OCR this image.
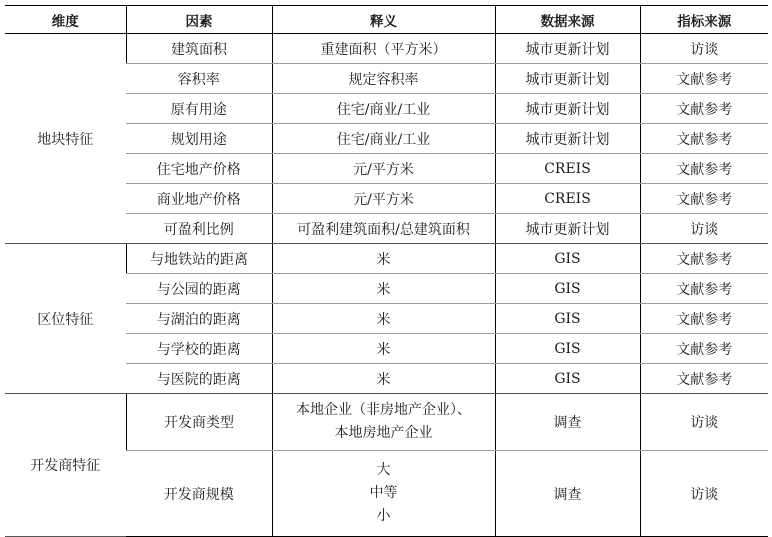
维度	因素	释义	数据来源	指标来源
地块特征	建筑面积	重建面积（平方米）	城市更新计划	访谈
	容积率	规定容积率	城市更新计划	文献参考
	原有用途	住宅/商业/工业	城市更新计划	文献参考
	规划用途	住宅/商业/工业	城市更新计划	文献参考
	住宅地产价格	元/平方米	CREIS	文献参考
	商业地产价格	元/平方米	CREIS	文献参考
	可盈利比例	可盈利建筑面积/总建筑面积	城市更新计划	访谈
区位特征	与地铁站的距离	米	GIS	文献参考
	与公园的距离	米	GIS	文献参考
	与湖泊的距离	米	GIS	文献参考
	与学校的距离	米	GIS	文献参考
	与医院的距离	米	GIS	文献参考
开发商特征	开发商类型	本地企业（非房地产企业）、
本地房地产企业	调查	访谈
	开发商规模	大
中等
小	调查	访谈
